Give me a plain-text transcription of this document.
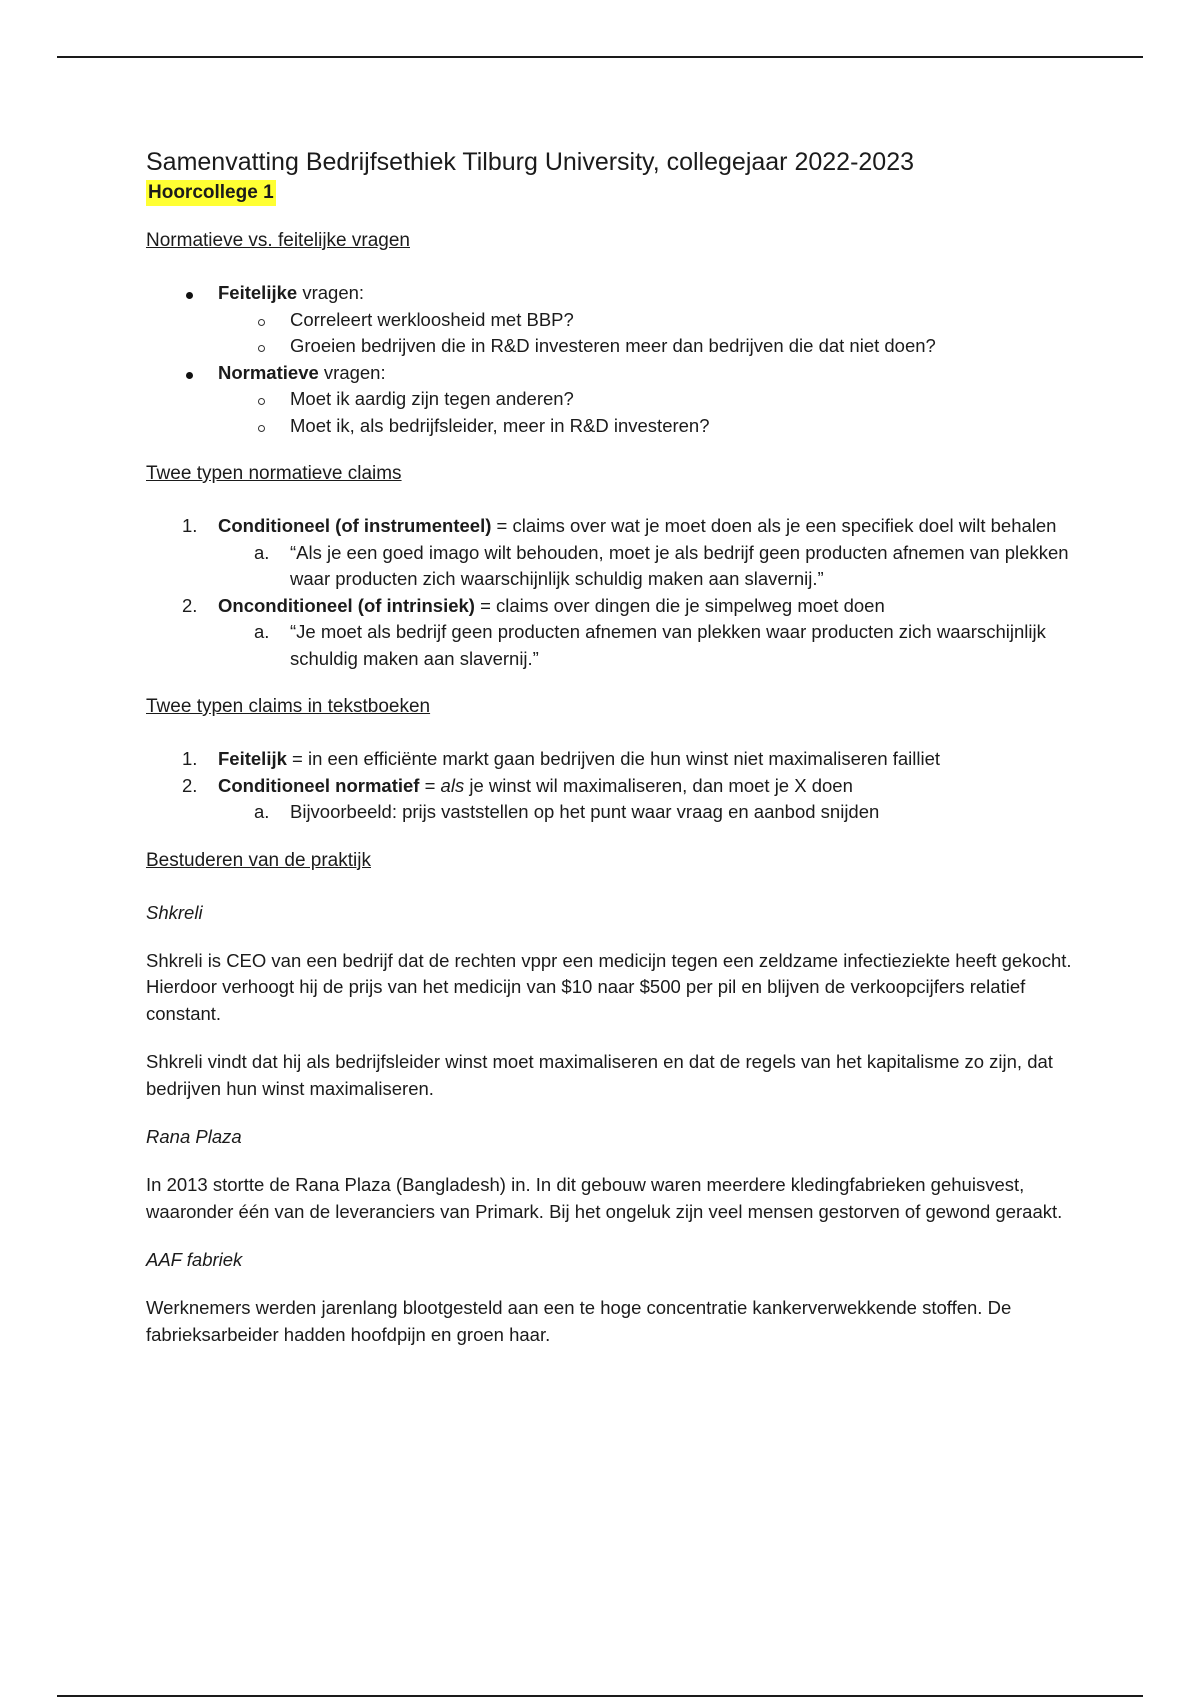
Samenvatting Bedrijfsethiek Tilburg University, collegejaar 2022-2023
Hoorcollege 1
Normatieve vs. feitelijke vragen
Feitelijke vragen:
Correleert werkloosheid met BBP?
Groeien bedrijven die in R&D investeren meer dan bedrijven die dat niet doen?
Normatieve vragen:
Moet ik aardig zijn tegen anderen?
Moet ik, als bedrijfsleider, meer in R&D investeren?
Twee typen normatieve claims
1.	Conditioneel (of instrumenteel) = claims over wat je moet doen als je een specifiek doel wilt behalen
a.	“Als je een goed imago wilt behouden, moet je als bedrijf geen producten afnemen van plekken waar producten zich waarschijnlijk schuldig maken aan slavernij.”
2.	Onconditioneel (of intrinsiek) = claims over dingen die je simpelweg moet doen
a.	“Je moet als bedrijf geen producten afnemen van plekken waar producten zich waarschijnlijk schuldig maken aan slavernij.”
Twee typen claims in tekstboeken
1.	Feitelijk = in een efficiënte markt gaan bedrijven die hun winst niet maximaliseren failliet
2.	Conditioneel normatief = als je winst wil maximaliseren, dan moet je X doen
a.	Bijvoorbeeld: prijs vaststellen op het punt waar vraag en aanbod snijden
Bestuderen van de praktijk
Shkreli

Shkreli is CEO van een bedrijf dat de rechten vppr een medicijn tegen een zeldzame infectieziekte heeft gekocht. Hierdoor verhoogt hij de prijs van het medicijn van $10 naar $500 per pil en blijven de verkoopcijfers relatief constant.

Shkreli vindt dat hij als bedrijfsleider winst moet maximaliseren en dat de regels van het kapitalisme zo zijn, dat bedrijven hun winst maximaliseren.

Rana Plaza

In 2013 stortte de Rana Plaza (Bangladesh) in. In dit gebouw waren meerdere kledingfabrieken gehuisvest, waaronder één van de leveranciers van Primark. Bij het ongeluk zijn veel mensen gestorven of gewond geraakt.

AAF fabriek

Werknemers werden jarenlang blootgesteld aan een te hoge concentratie kankerverwekkende stoffen. De fabrieksarbeider hadden hoofdpijn en groen haar.
